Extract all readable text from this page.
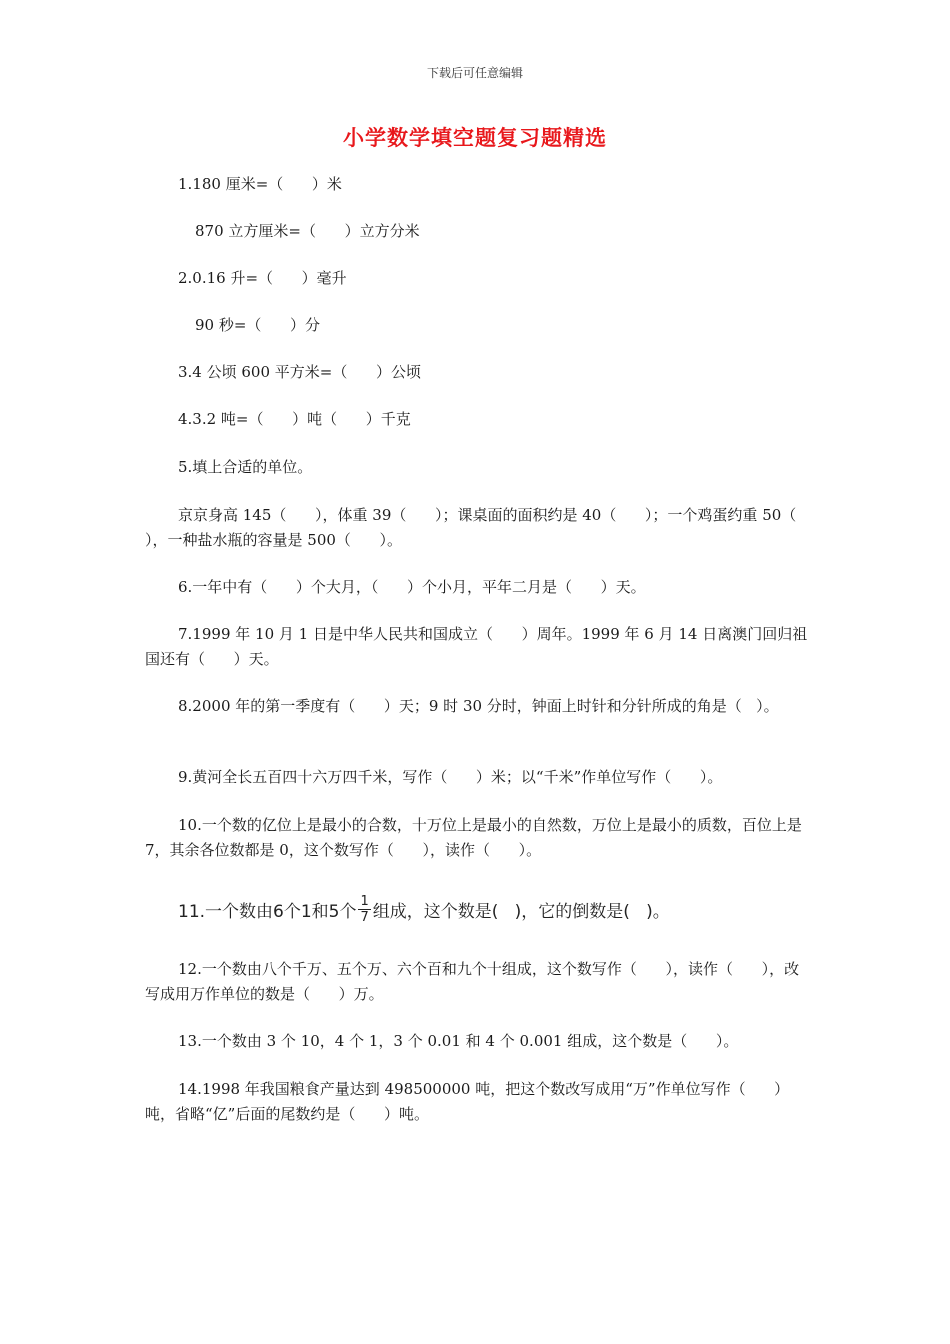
下载后可任意编辑
小学数学填空题复习题精选
1.180 厘米=（      ）米
870 立方厘米=（      ）立方分米
2.0.16 升=（      ）毫升
90 秒=（      ）分
3.4 公顷 600 平方米=（      ）公顷
4.3.2 吨=（      ）吨（      ）千克
5.填上合适的单位。
京京身高 145（      ），体重 39（      ）；课桌面的面积约是 40（      ）；一个鸡蛋约重 50（      ），一种盐水瓶的容量是 500（      ）。
6.一年中有（      ）个大月，（      ）个小月，平年二月是（      ）天。
7.1999 年 10 月 1 日是中华人民共和国成立（      ）周年。1999 年 6 月 14 日离澳门回归祖国还有（      ）天。
8.2000 年的第一季度有（      ）天；9 时 30 分时，钟面上时针和分针所成的角是（   ）。
9.黄河全长五百四十六万四千米，写作（      ）米；以“千米”作单位写作（      ）。
10.一个数的亿位上是最小的合数，十万位上是最小的自然数，万位上是最小的质数，百位上是 7，其余各位数都是 0，这个数写作（      ），读作（      ）。
11.一个数由6个1和5个 $\frac{1}{7}$ 组成，这个数是(   )，它的倒数是(   )。
12.一个数由八个千万、五个万、六个百和九个十组成，这个数写作（      ），读作（      ），改写成用万作单位的数是（      ）万。
13.一个数由 3 个 10，4 个 1，3 个 0.01 和 4 个 0.001 组成，这个数是（      ）。
14.1998 年我国粮食产量达到 498500000 吨，把这个数改写成用“万”作单位写作（      ）吨，省略“亿”后面的尾数约是（      ）吨。
